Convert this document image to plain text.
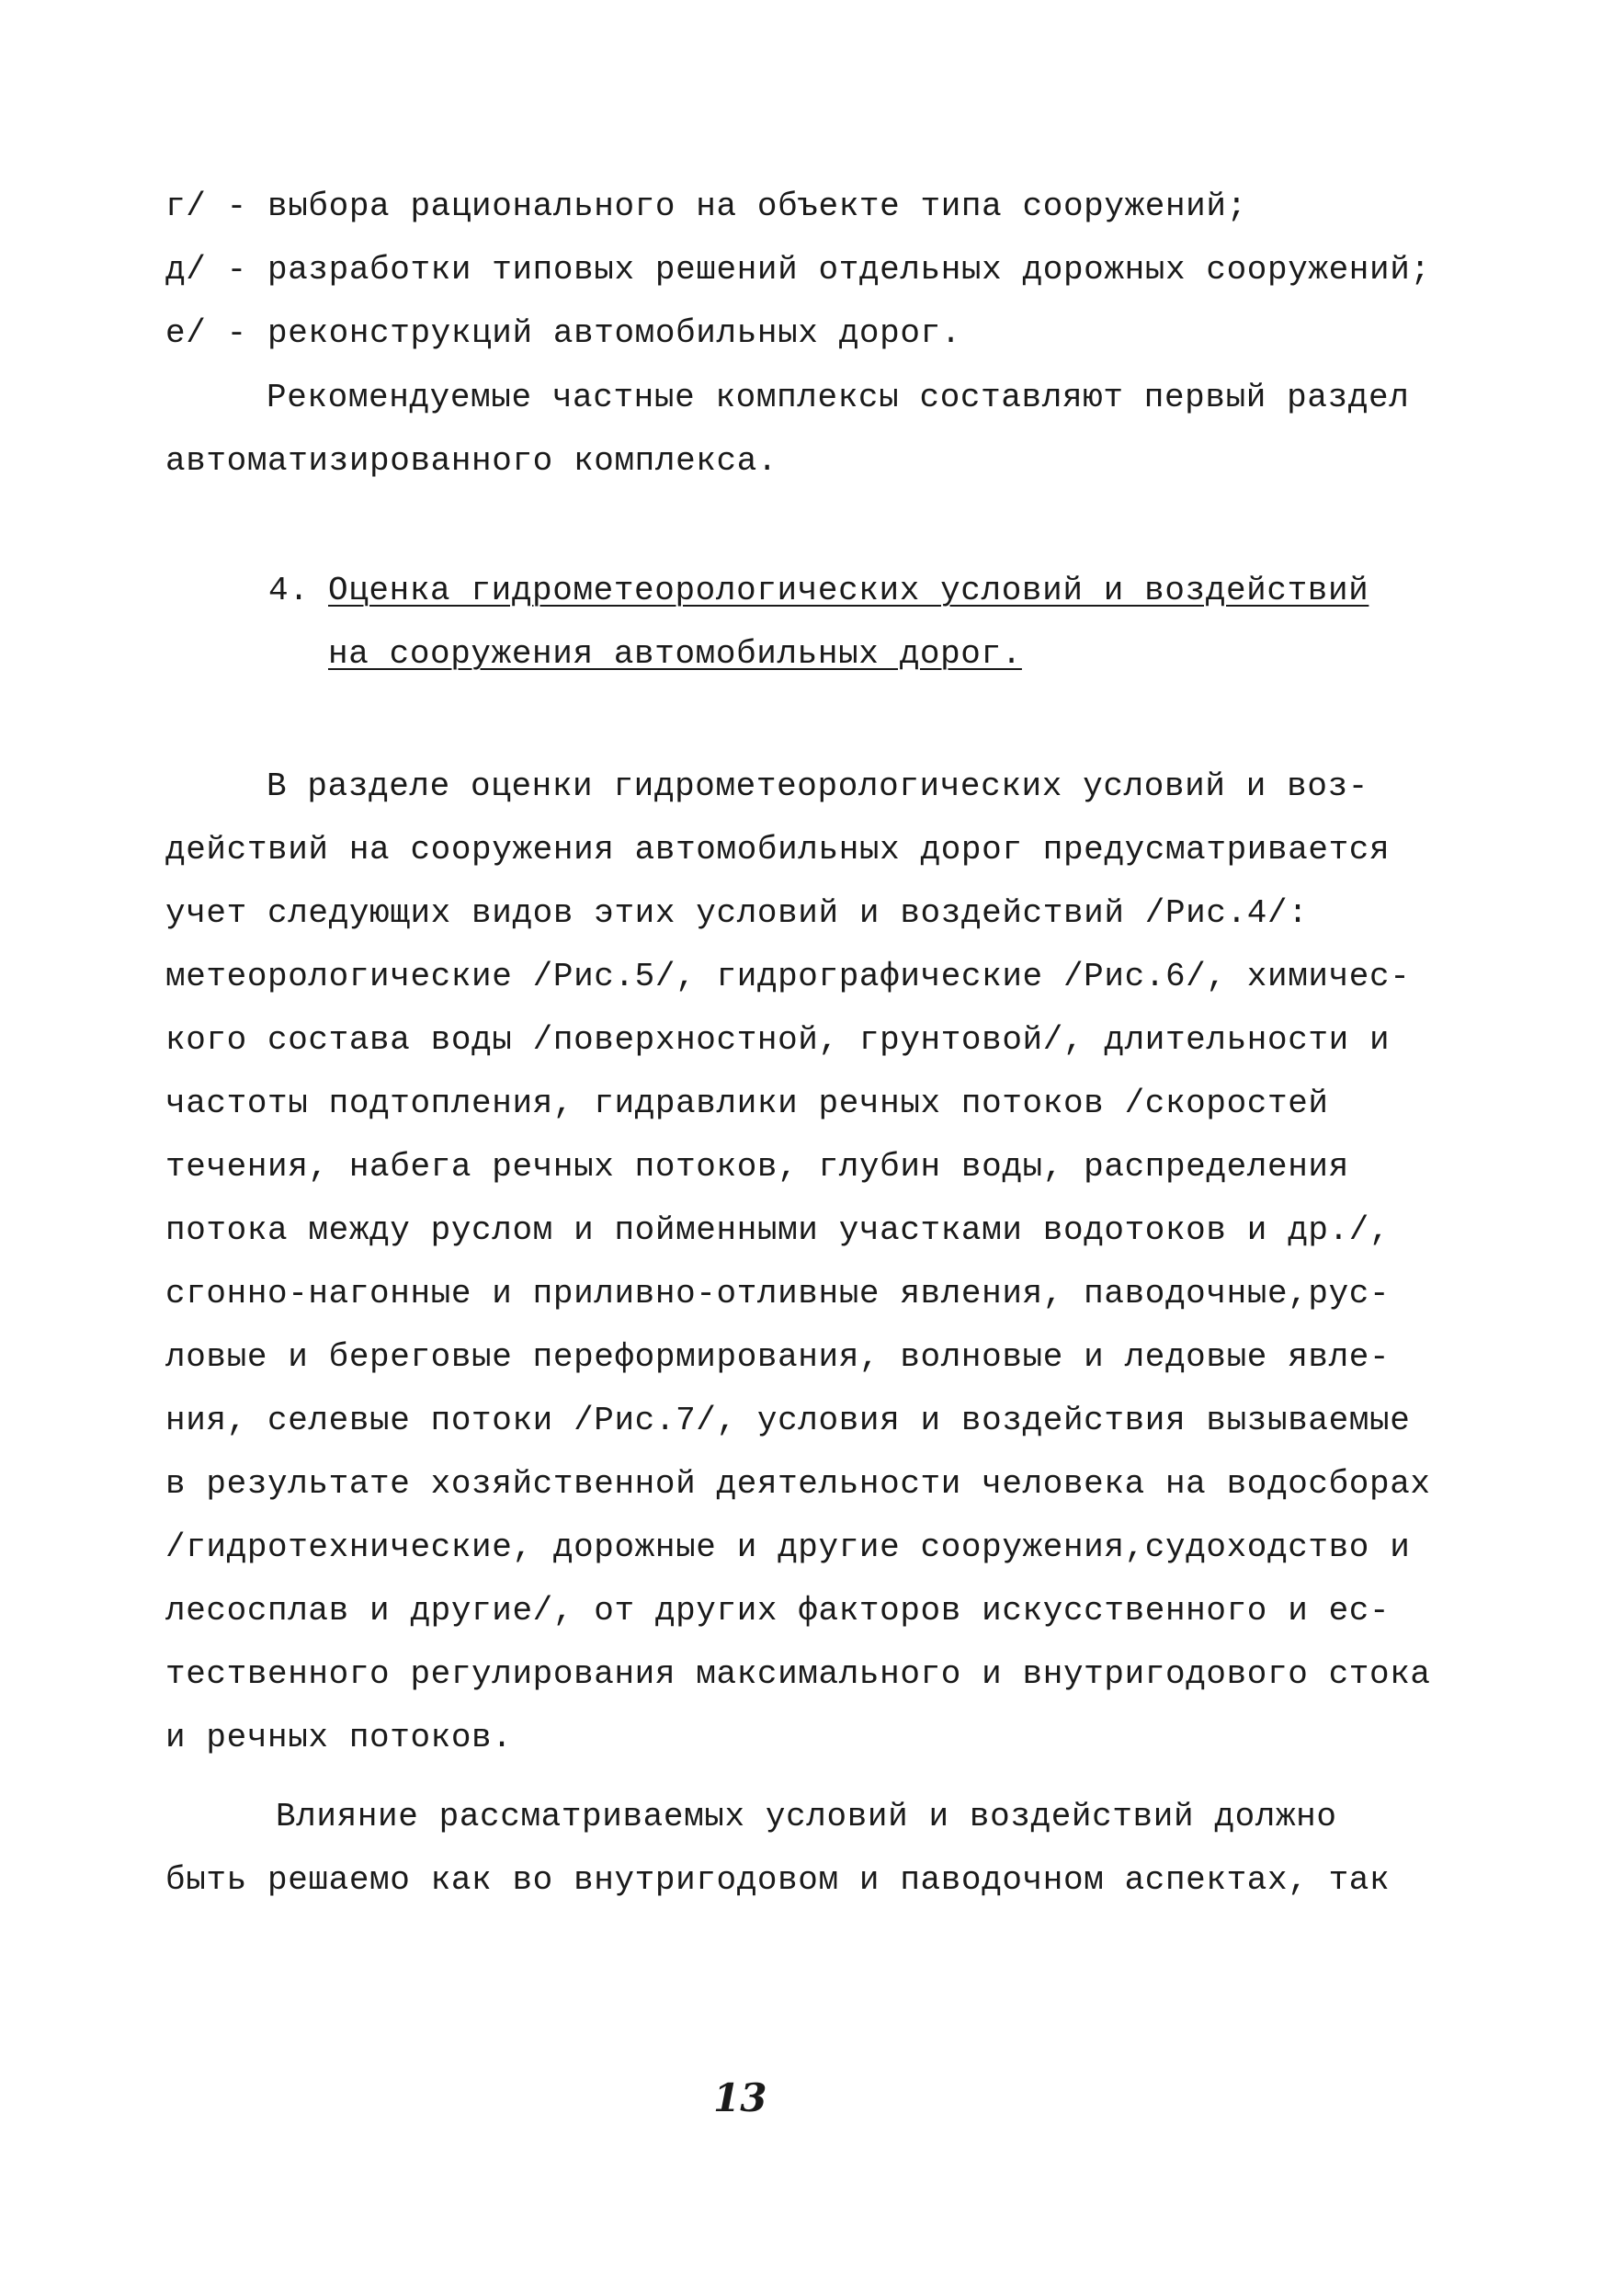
г/ - выбора рационального на объекте типа сооружений;
д/ - разработки типовых решений отдельных дорожных сооружений;
е/ - реконструкций автомобильных дорог.
Рекомендуемые частные комплексы составляют первый раздел
автоматизированного комплекса.
4. Оценка гидрометеорологических условий и воздействий
на сооружения автомобильных дорог.
В разделе оценки гидрометеорологических условий и воз-
действий на сооружения автомобильных дорог предусматривается
учет следующих видов этих условий и воздействий /Рис.4/:
метеорологические /Рис.5/, гидрографические /Рис.6/, химичес-
кого состава воды /поверхностной, грунтовой/, длительности и
частоты подтопления, гидравлики речных потоков /скоростей
течения, набега речных потоков, глубин воды, распределения
потока между руслом и пойменными участками водотоков и др./,
сгонно-нагонные и приливно-отливные явления, паводочные,рус-
ловые и береговые переформирования, волновые и ледовые явле-
ния, селевые потоки /Рис.7/, условия и воздействия вызываемые
в результате хозяйственной деятельности человека на водосборах
/гидротехнические, дорожные и другие сооружения,судоходство и
лесосплав и другие/, от других факторов искусственного и ес-
тественного регулирования максимального и внутригодового стока
и речных потоков.
Влияние рассматриваемых условий и воздействий должно
быть решаемо как во внутригодовом и паводочном аспектах, так
13
